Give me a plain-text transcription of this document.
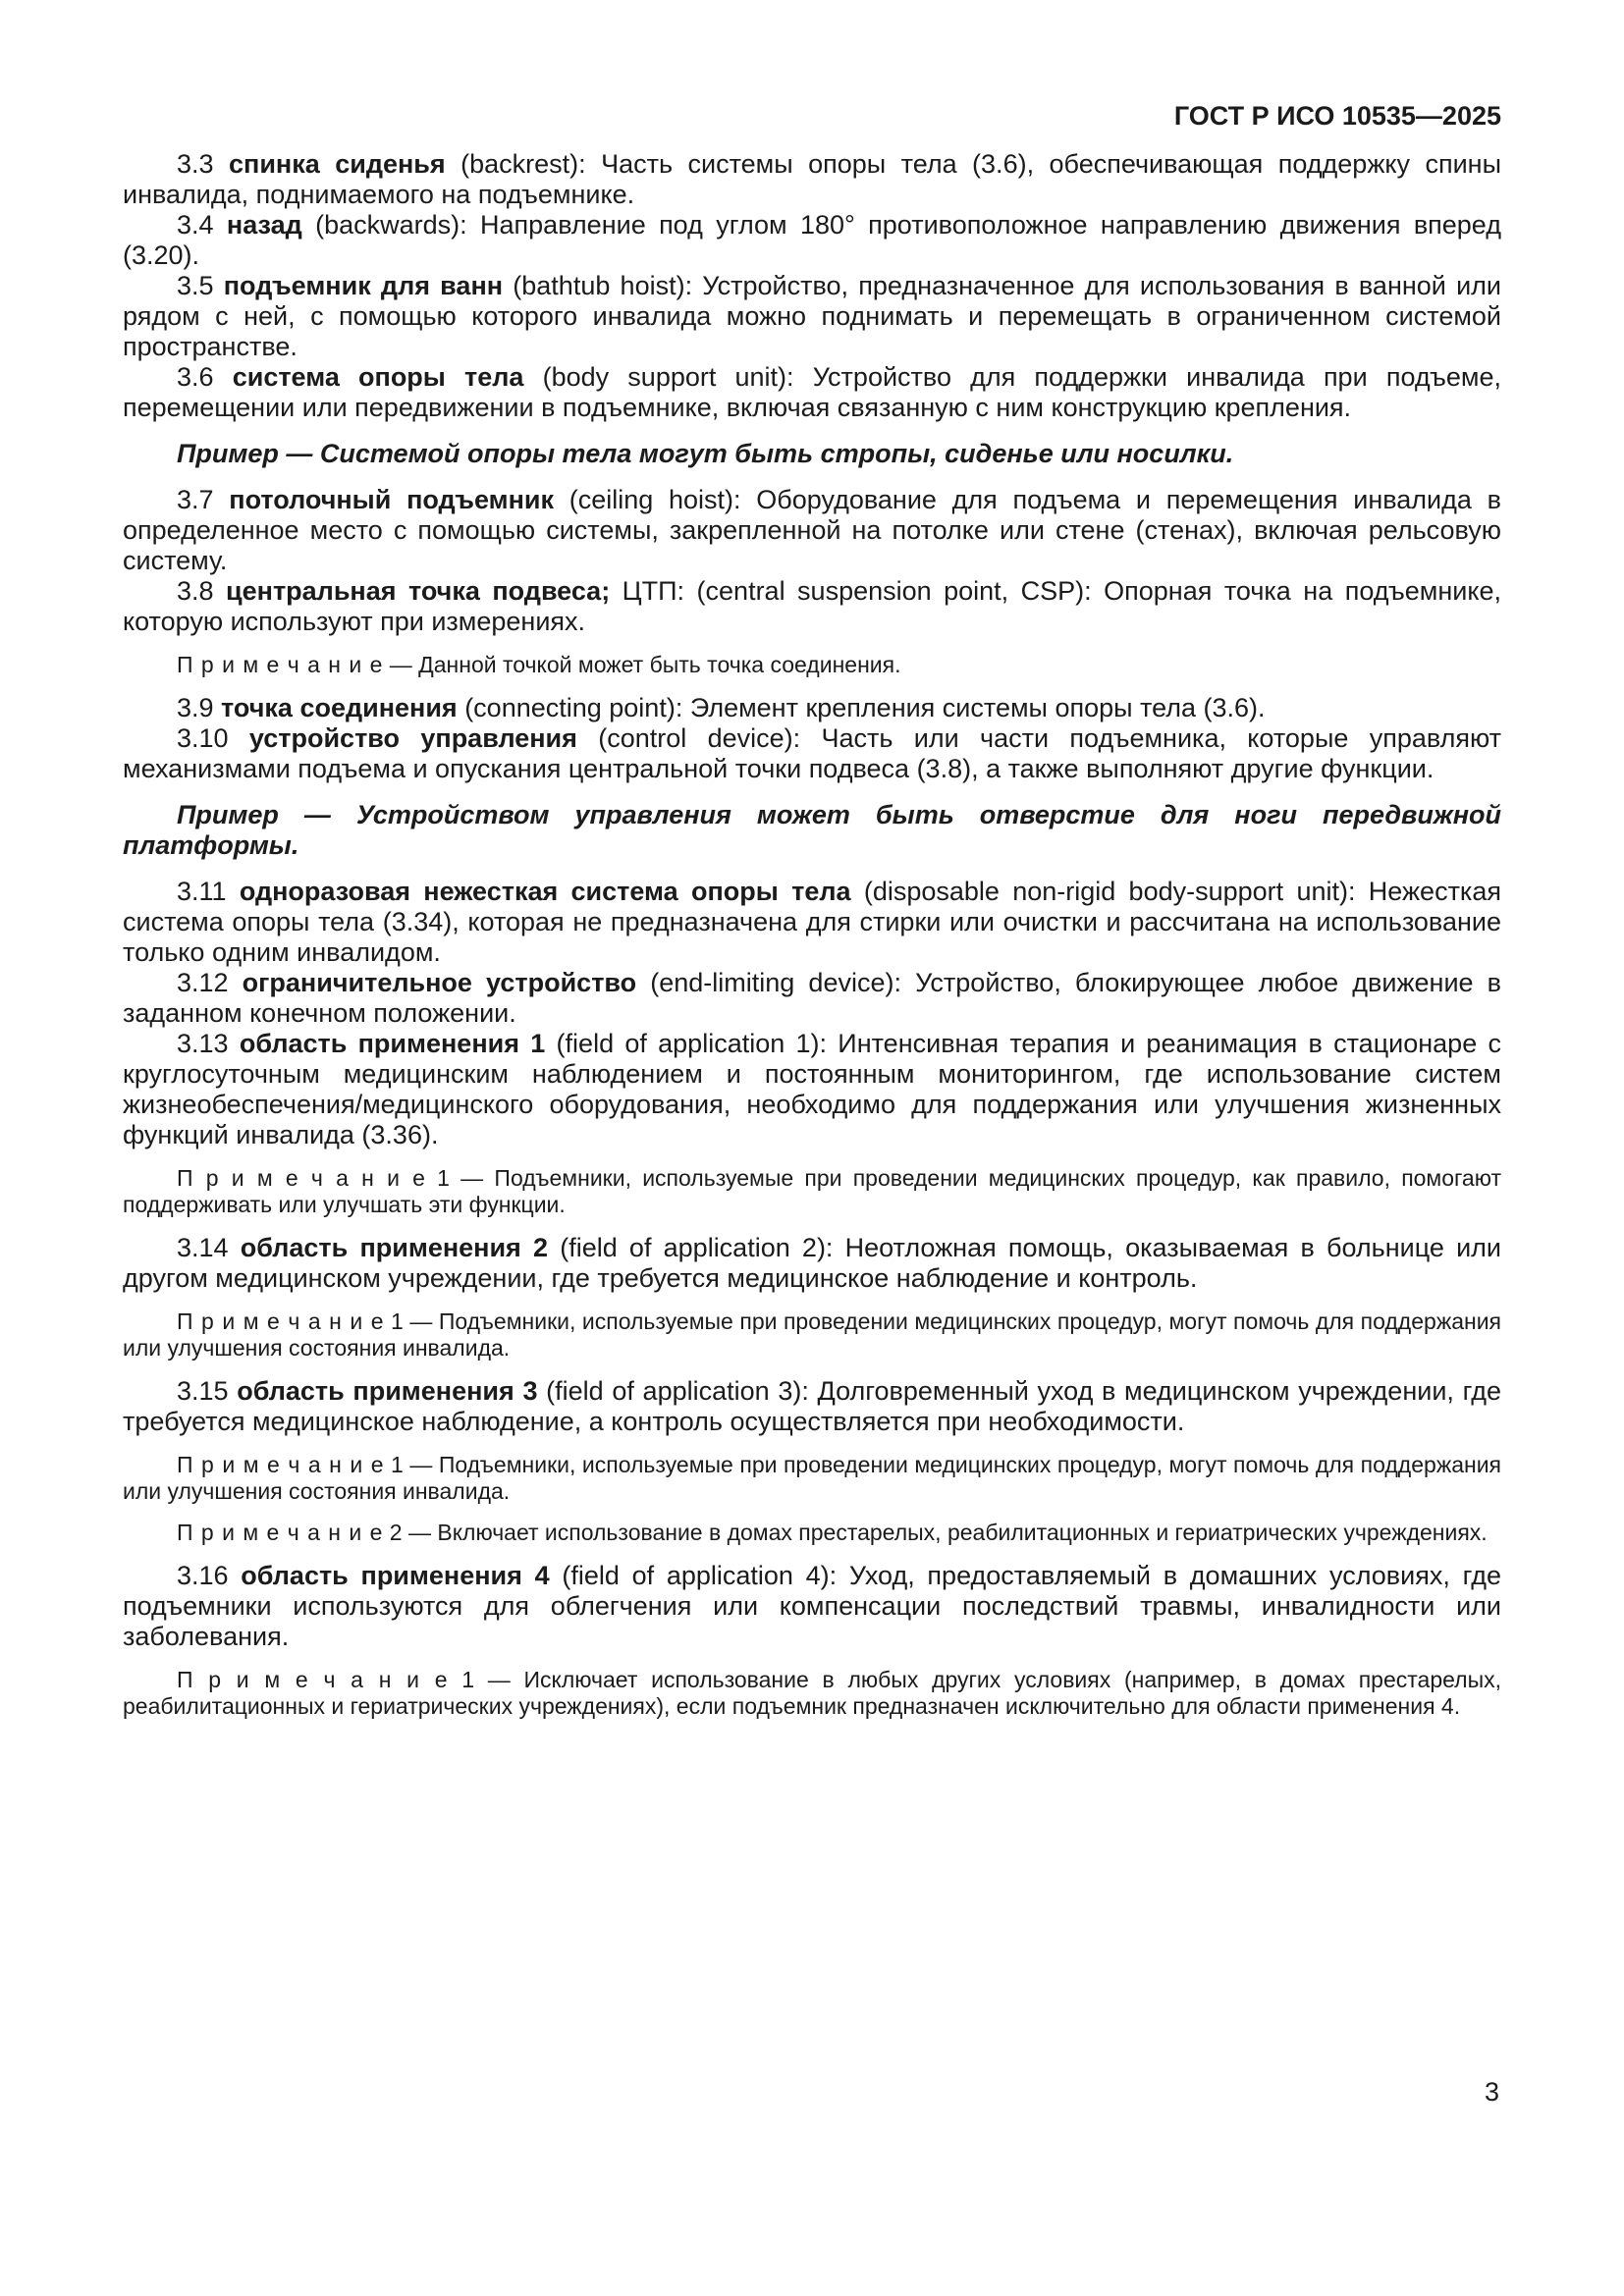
ГОСТ Р ИСО 10535—2025

3.3 спинка сиденья (backrest): Часть системы опоры тела (3.6), обеспечивающая поддержку спины инвалида, поднимаемого на подъемнике.

3.4 назад (backwards): Направление под углом 180° противоположное направлению движения вперед (3.20).

3.5 подъемник для ванн (bathtub hoist): Устройство, предназначенное для использования в ванной или рядом с ней, с помощью которого инвалида можно поднимать и перемещать в ограниченном системой пространстве.

3.6 система опоры тела (body support unit): Устройство для поддержки инвалида при подъеме, перемещении или передвижении в подъемнике, включая связанную с ним конструкцию крепления.

Пример — Системой опоры тела могут быть стропы, сиденье или носилки.

3.7 потолочный подъемник (ceiling hoist): Оборудование для подъема и перемещения инвалида в определенное место с помощью системы, закрепленной на потолке или стене (стенах), включая рельсовую систему.

3.8 центральная точка подвеса; ЦТП: (central suspension point, CSP): Опорная точка на подъемнике, которую используют при измерениях.

П р и м е ч а н и е — Данной точкой может быть точка соединения.

3.9 точка соединения (connecting point): Элемент крепления системы опоры тела (3.6).

3.10 устройство управления (control device): Часть или части подъемника, которые управляют механизмами подъема и опускания центральной точки подвеса (3.8), а также выполняют другие функции.

Пример — Устройством управления может быть отверстие для ноги передвижной платформы.

3.11 одноразовая нежесткая система опоры тела (disposable non-rigid body-support unit): Нежесткая система опоры тела (3.34), которая не предназначена для стирки или очистки и рассчитана на использование только одним инвалидом.

3.12 ограничительное устройство (end-limiting device): Устройство, блокирующее любое движение в заданном конечном положении.

3.13 область применения 1 (field of application 1): Интенсивная терапия и реанимация в стационаре с круглосуточным медицинским наблюдением и постоянным мониторингом, где использование систем жизнеобеспечения/медицинского оборудования, необходимо для поддержания или улучшения жизненных функций инвалида (3.36).

П р и м е ч а н и е 1 — Подъемники, используемые при проведении медицинских процедур, как правило, помогают поддерживать или улучшать эти функции.

3.14 область применения 2 (field of application 2): Неотложная помощь, оказываемая в больнице или другом медицинском учреждении, где требуется медицинское наблюдение и контроль.

П р и м е ч а н и е 1 — Подъемники, используемые при проведении медицинских процедур, могут помочь для поддержания или улучшения состояния инвалида.

3.15 область применения 3 (field of application 3): Долговременный уход в медицинском учреждении, где требуется медицинское наблюдение, а контроль осуществляется при необходимости.

П р и м е ч а н и е 1 — Подъемники, используемые при проведении медицинских процедур, могут помочь для поддержания или улучшения состояния инвалида.

П р и м е ч а н и е 2 — Включает использование в домах престарелых, реабилитационных и гериатрических учреждениях.

3.16 область применения 4 (field of application 4): Уход, предоставляемый в домашних условиях, где подъемники используются для облегчения или компенсации последствий травмы, инвалидности или заболевания.

П р и м е ч а н и е 1 — Исключает использование в любых других условиях (например, в домах престарелых, реабилитационных и гериатрических учреждениях), если подъемник предназначен исключительно для области применения 4.

3
